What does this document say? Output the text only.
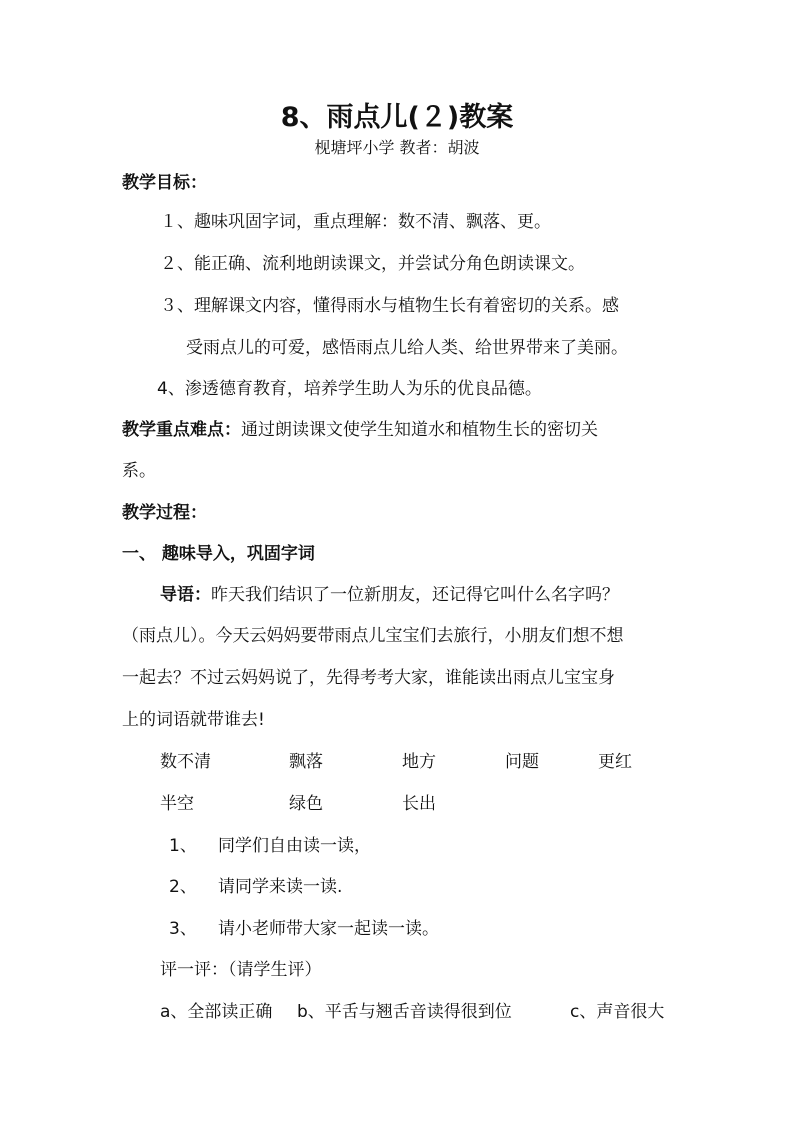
8、雨点儿(２)教案
枧塘坪小学 教者：胡波
教学目标：
１、趣味巩固字词，重点理解：数不清、飘落、更。
２、能正确、流利地朗读课文，并尝试分角色朗读课文。
３、理解课文内容，懂得雨水与植物生长有着密切的关系。感
受雨点儿的可爱，感悟雨点儿给人类、给世界带来了美丽。
4、渗透德育教育，培养学生助人为乐的优良品德。
教学重点难点：通过朗读课文使学生知道水和植物生长的密切关
系。
教学过程：
一、 趣味导入，巩固字词
导语：昨天我们结识了一位新朋友，还记得它叫什么名字吗？
（雨点儿）。今天云妈妈要带雨点儿宝宝们去旅行，小朋友们想不想
一起去？不过云妈妈说了，先得考考大家，谁能读出雨点儿宝宝身
上的词语就带谁去!
数不清	飘落	地方	问题	更红
半空	绿色	长出
1、 同学们自由读一读，
2、 请同学来读一读.
3、 请小老师带大家一起读一读。
评一评：（请学生评）
a、全部读正确 b、平舌与翘舌音读得很到位	c、声音很大
